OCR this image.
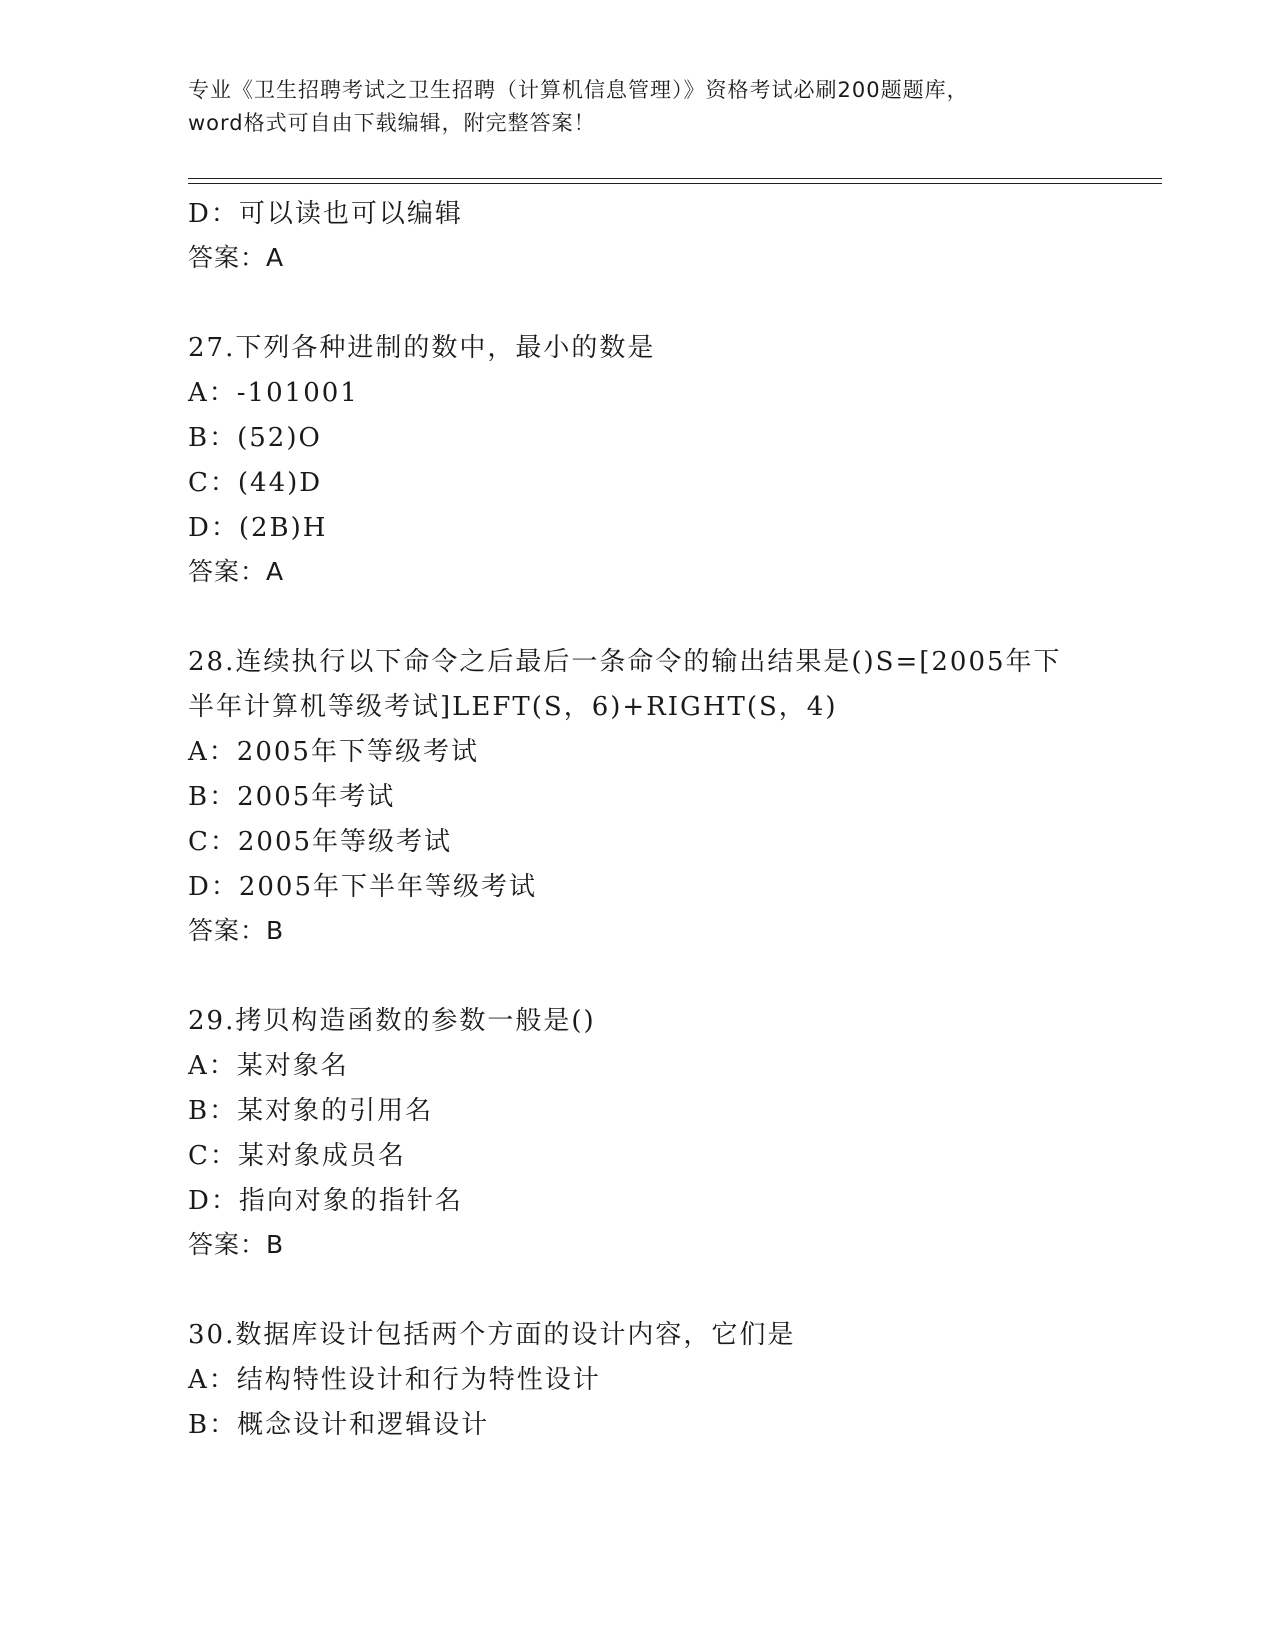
专业《卫生招聘考试之卫生招聘（计算机信息管理）》资格考试必刷200题题库，
word格式可自由下载编辑，附完整答案！
D：可以读也可以编辑
答案：A
27.下列各种进制的数中，最小的数是
A：-101001
B：(52)O
C：(44)D
D：(2B)H
答案：A
28.连续执行以下命令之后最后一条命令的输出结果是()S=[2005年下
半年计算机等级考试]LEFT(S，6)+RIGHT(S，4)
A：2005年下等级考试
B：2005年考试
C：2005年等级考试
D：2005年下半年等级考试
答案：B
29.拷贝构造函数的参数一般是()
A：某对象名
B：某对象的引用名
C：某对象成员名
D：指向对象的指针名
答案：B
30.数据库设计包括两个方面的设计内容，它们是
A：结构特性设计和行为特性设计
B：概念设计和逻辑设计
